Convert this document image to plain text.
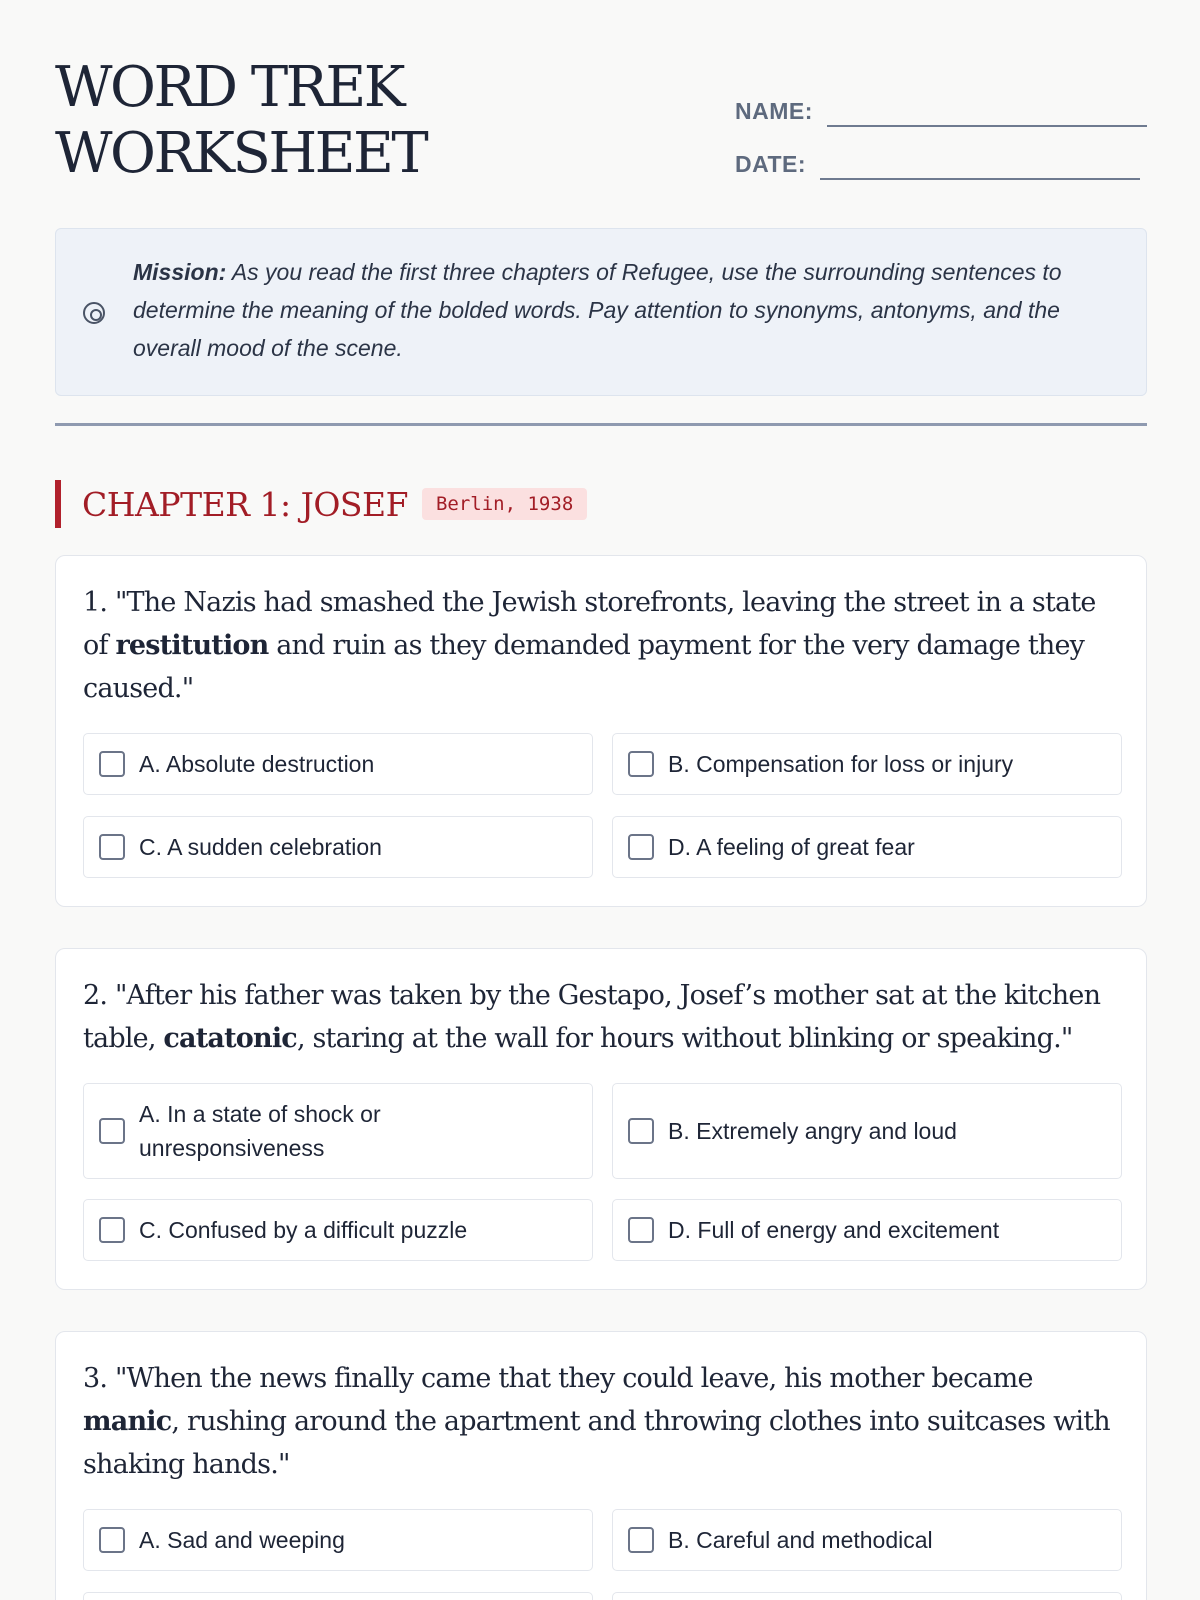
WORD TREK
WORKSHEET
NAME:
DATE:

Mission: As you read the first three chapters of Refugee, use the surrounding sentences to determine the meaning of the bolded words. Pay attention to synonyms, antonyms, and the overall mood of the scene.

CHAPTER 1: JOSEF	Berlin, 1938

1. "The Nazis had smashed the Jewish storefronts, leaving the street in a state of restitution and ruin as they demanded payment for the very damage they caused."

A. Absolute destruction	B. Compensation for loss or injury
C. A sudden celebration	D. A feeling of great fear

2. "After his father was taken by the Gestapo, Josef’s mother sat at the kitchen table, catatonic, staring at the wall for hours without blinking or speaking."

A. In a state of shock or unresponsiveness
B. Extremely angry and loud
C. Confused by a difficult puzzle	D. Full of energy and excitement

3. "When the news finally came that they could leave, his mother became manic, rushing around the apartment and throwing clothes into suitcases with shaking hands."

A. Sad and weeping	B. Careful and methodical
